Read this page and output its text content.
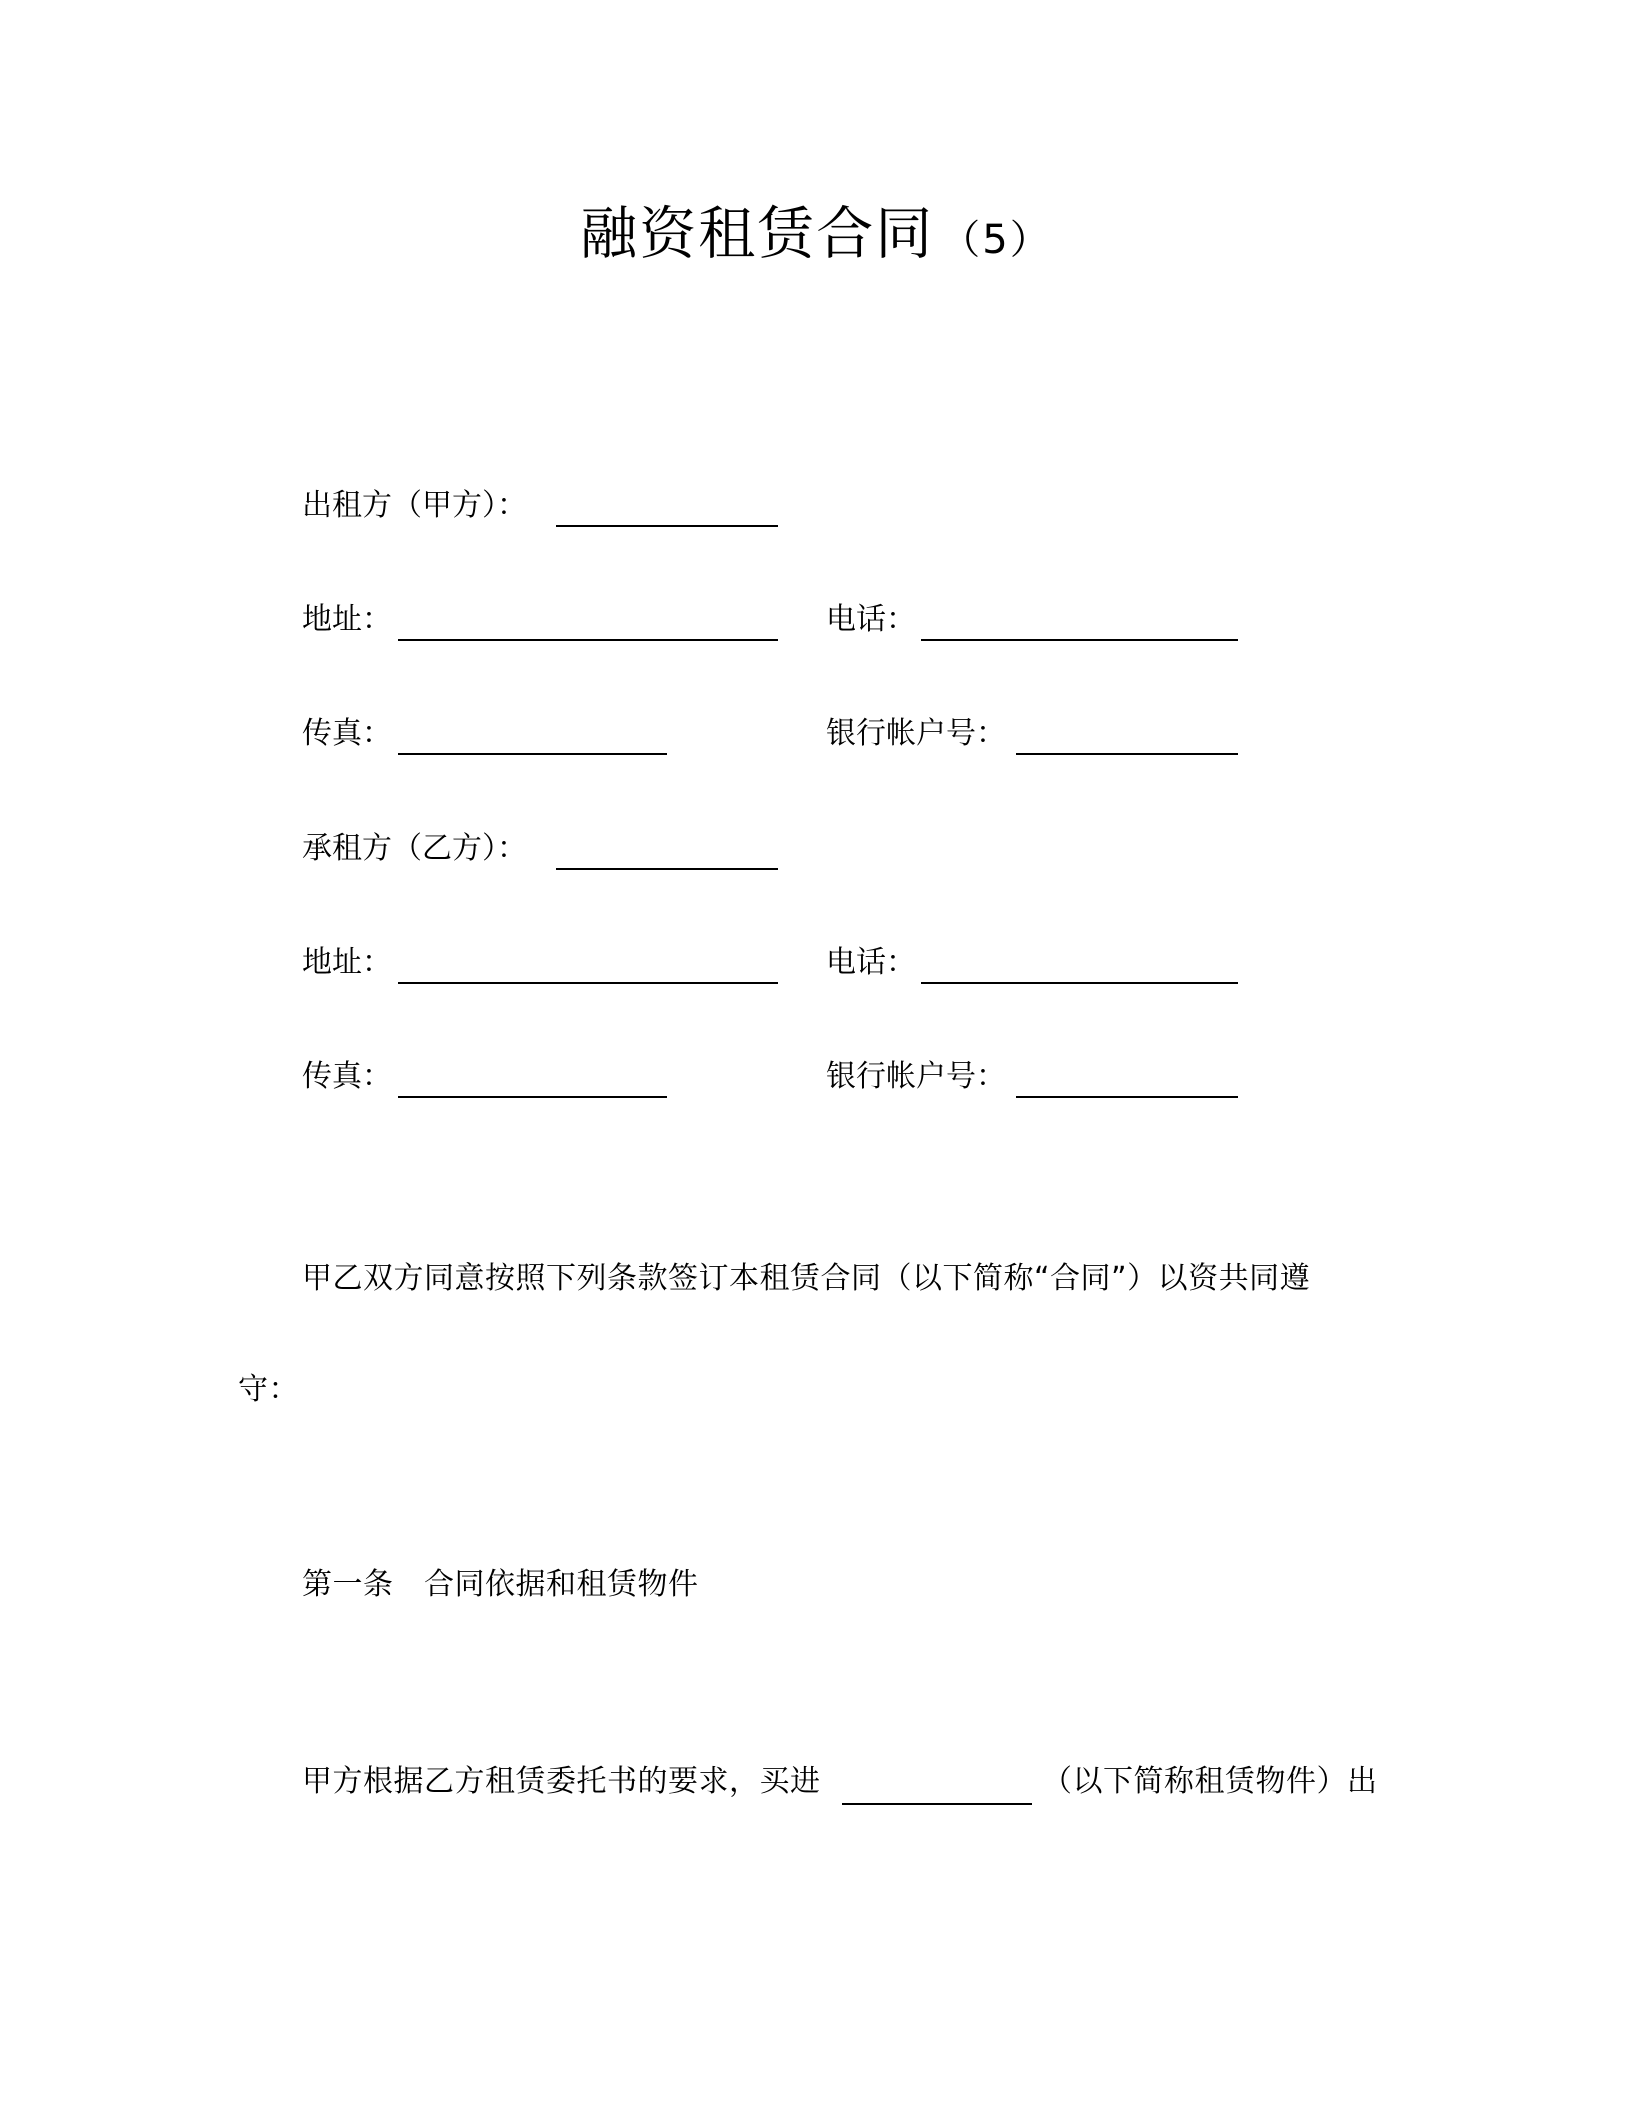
融资租赁合同 （5）
出租方（甲方）：
地址：	电话：
传真：	银行帐户号：
承租方（乙方）：
地址：	电话：
传真：	银行帐户号：
甲乙双方同意按照下列条款签订本租赁合同（以下简称“合同”）以资共同遵
守：
第一条　合同依据和租赁物件
甲方根据乙方租赁委托书的要求，买进	（以下简称租赁物件）出
